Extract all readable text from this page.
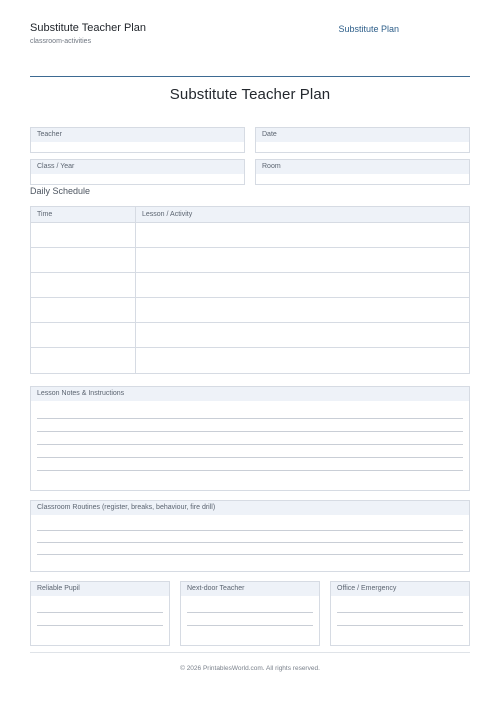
Substitute Teacher Plan
classroom-activities
Substitute Plan
Substitute Teacher Plan
Teacher	Date
Class / Year	Room
Daily Schedule
Time	Lesson / Activity
Lesson Notes & Instructions
Classroom Routines (register, breaks, behaviour, fire drill)
Reliable Pupil	Next-door Teacher	Office / Emergency
© 2026 PrintablesWorld.com. All rights reserved.
